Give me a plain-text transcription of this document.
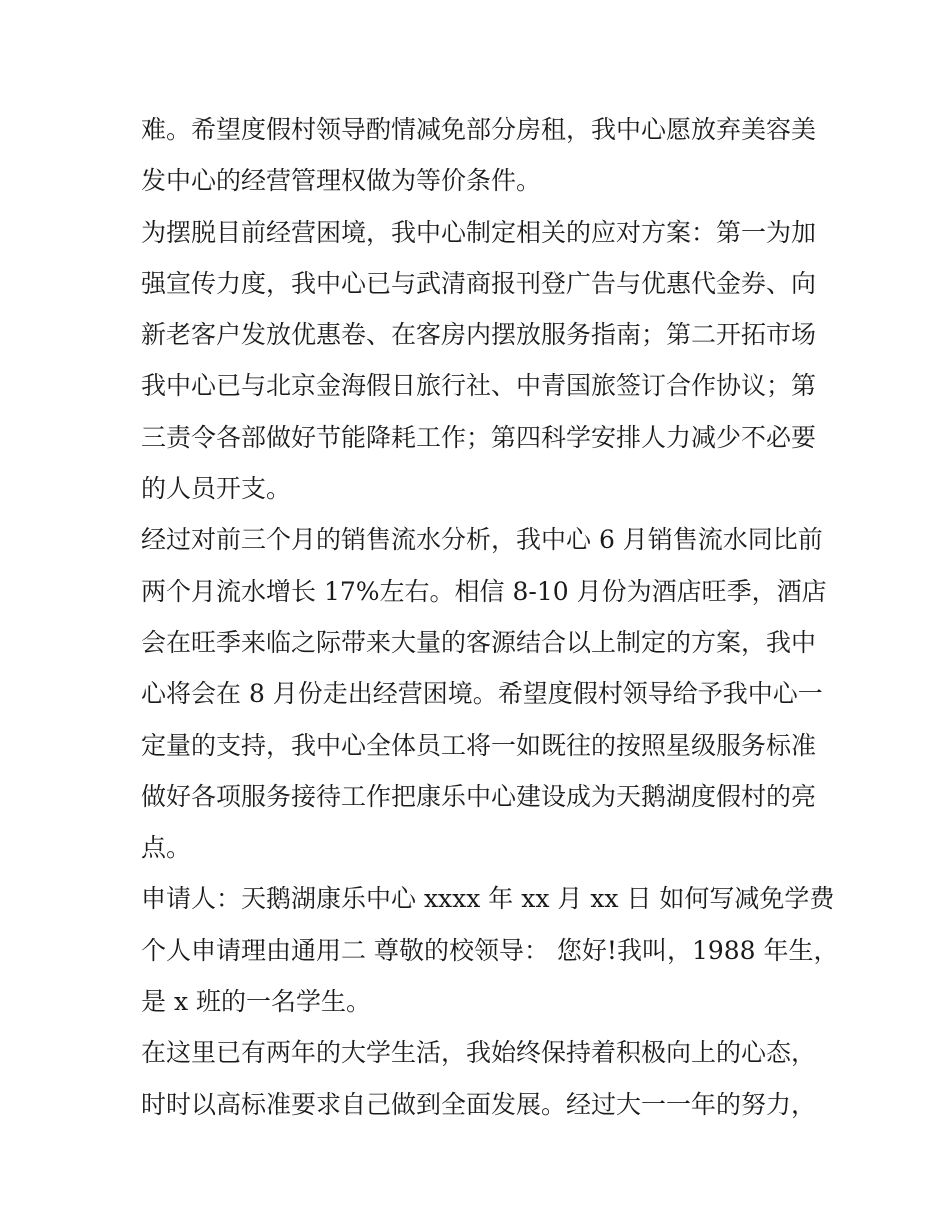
难。希望度假村领导酌情减免部分房租，我中心愿放弃美容美
发中心的经营管理权做为等价条件。
为摆脱目前经营困境，我中心制定相关的应对方案：第一为加
强宣传力度，我中心已与武清商报刊登广告与优惠代金券、向
新老客户发放优惠卷、在客房内摆放服务指南；第二开拓市场
我中心已与北京金海假日旅行社、中青国旅签订合作协议；第
三责令各部做好节能降耗工作；第四科学安排人力减少不必要
的人员开支。
经过对前三个月的销售流水分析，我中心 6 月销售流水同比前
两个月流水增长 17%左右。相信 8-10 月份为酒店旺季，酒店
会在旺季来临之际带来大量的客源结合以上制定的方案，我中
心将会在 8 月份走出经营困境。希望度假村领导给予我中心一
定量的支持，我中心全体员工将一如既往的按照星级服务标准
做好各项服务接待工作把康乐中心建设成为天鹅湖度假村的亮
点。
申请人：天鹅湖康乐中心 xxxx 年 xx 月 xx 日 如何写减免学费
个人申请理由通用二 尊敬的校领导： 您好!我叫，1988 年生，
是 x 班的一名学生。
在这里已有两年的大学生活，我始终保持着积极向上的心态，
时时以高标准要求自己做到全面发展。经过大一一年的努力，
